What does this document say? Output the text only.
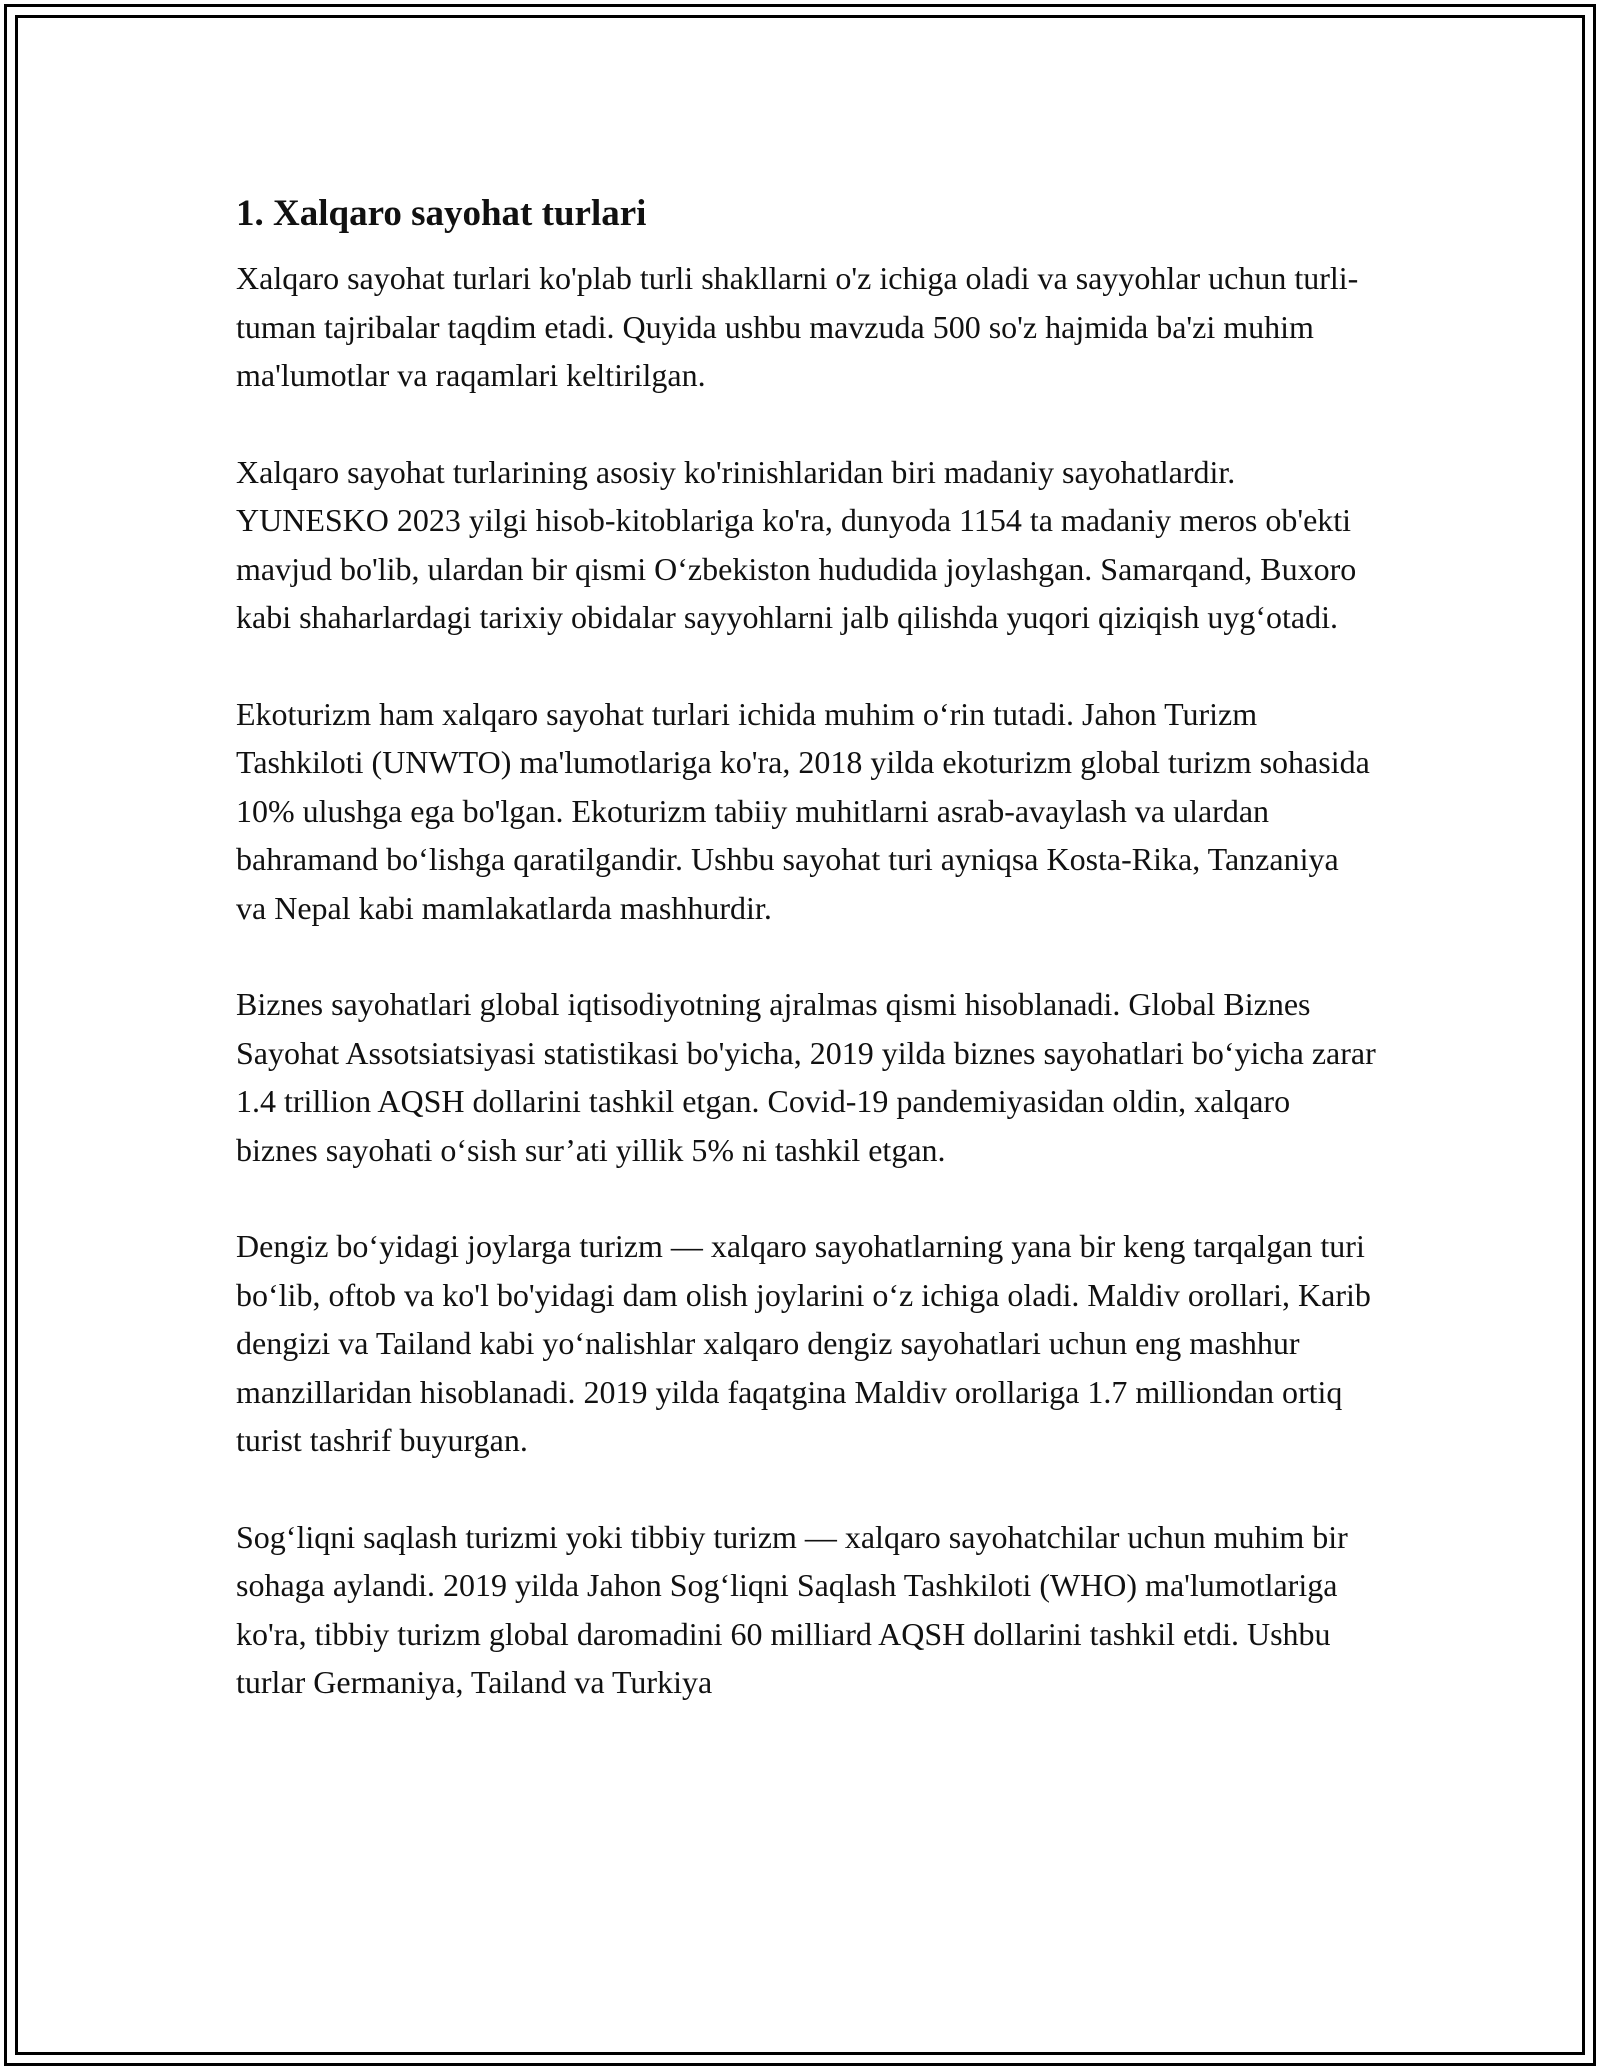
1. Xalqaro sayohat turlari

Xalqaro sayohat turlari ko'plab turli shakllarni o'z ichiga oladi va sayyohlar uchun turli-tuman tajribalar taqdim etadi. Quyida ushbu mavzuda 500 so'z hajmida ba'zi muhim ma'lumotlar va raqamlari keltirilgan.

Xalqaro sayohat turlarining asosiy ko'rinishlaridan biri madaniy sayohatlardir. YUNESKO 2023 yilgi hisob-kitoblariga ko'ra, dunyoda 1154 ta madaniy meros ob'ekti mavjud bo'lib, ulardan bir qismi O‘zbekiston hududida joylashgan. Samarqand, Buxoro kabi shaharlardagi tarixiy obidalar sayyohlarni jalb qilishda yuqori qiziqish uyg‘otadi.

Ekoturizm ham xalqaro sayohat turlari ichida muhim o‘rin tutadi. Jahon Turizm Tashkiloti (UNWTO) ma'lumotlariga ko'ra, 2018 yilda ekoturizm global turizm sohasida 10% ulushga ega bo'lgan. Ekoturizm tabiiy muhitlarni asrab-avaylash va ulardan bahramand bo‘lishga qaratilgandir. Ushbu sayohat turi ayniqsa Kosta-Rika, Tanzaniya va Nepal kabi mamlakatlarda mashhurdir.

Biznes sayohatlari global iqtisodiyotning ajralmas qismi hisoblanadi. Global Biznes Sayohat Assotsiatsiyasi statistikasi bo'yicha, 2019 yilda biznes sayohatlari bo‘yicha zarar 1.4 trillion AQSH dollarini tashkil etgan. Covid-19 pandemiyasidan oldin, xalqaro biznes sayohati o‘sish sur’ati yillik 5% ni tashkil etgan.

Dengiz bo‘yidagi joylarga turizm — xalqaro sayohatlarning yana bir keng tarqalgan turi bo‘lib, oftob va ko'l bo'yidagi dam olish joylarini o‘z ichiga oladi. Maldiv orollari, Karib dengizi va Tailand kabi yo‘nalishlar xalqaro dengiz sayohatlari uchun eng mashhur manzillaridan hisoblanadi. 2019 yilda faqatgina Maldiv orollariga 1.7 milliondan ortiq turist tashrif buyurgan.

Sog‘liqni saqlash turizmi yoki tibbiy turizm — xalqaro sayohatchilar uchun muhim bir sohaga aylandi. 2019 yilda Jahon Sog‘liqni Saqlash Tashkiloti (WHO) ma'lumotlariga ko'ra, tibbiy turizm global daromadini 60 milliard AQSH dollarini tashkil etdi. Ushbu turlar Germaniya, Tailand va Turkiya
